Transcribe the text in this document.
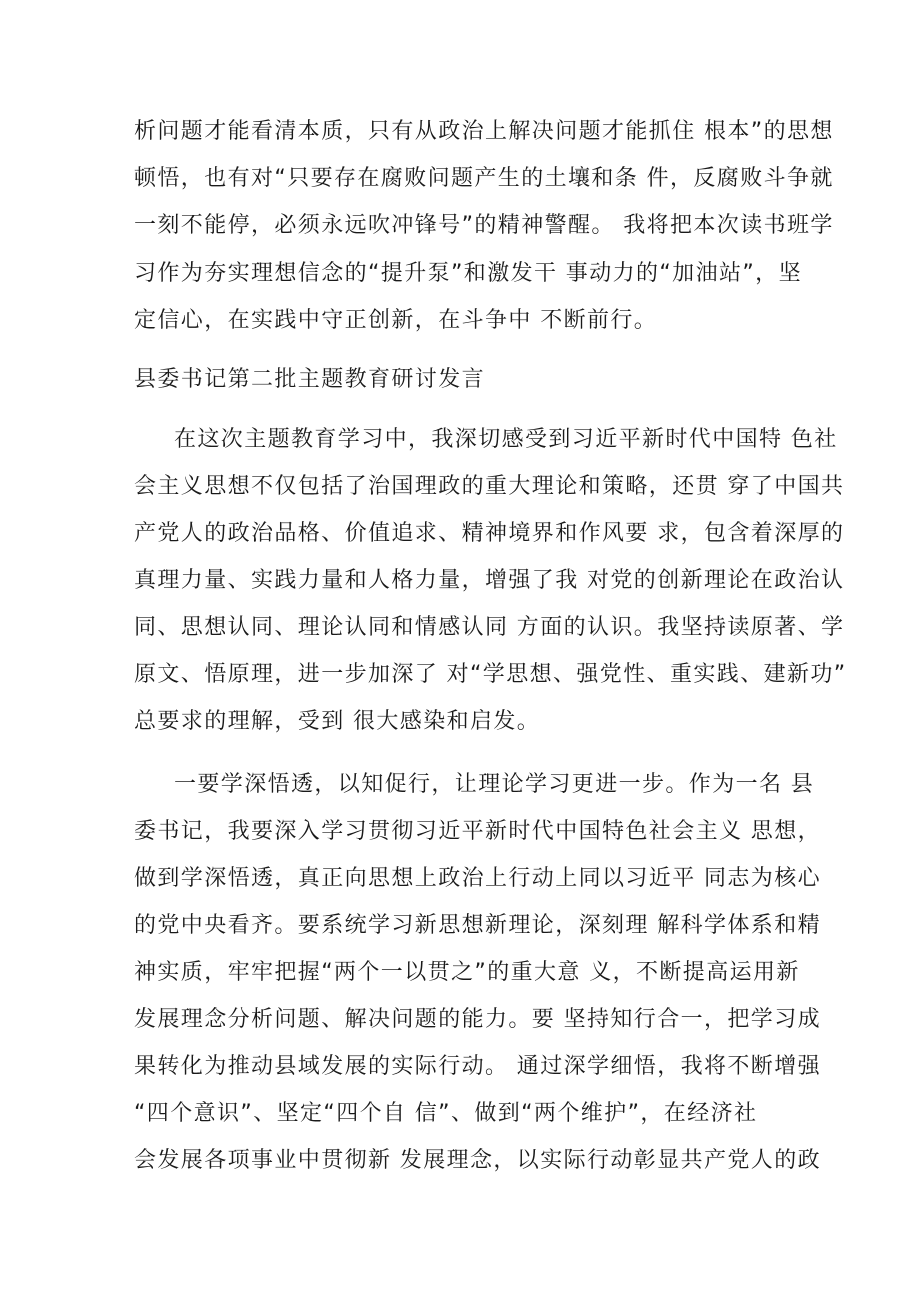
析问题才能看清本质，只有从政治上解决问题才能抓住 根本”的思想
顿悟，也有对“只要存在腐败问题产生的土壤和条 件，反腐败斗争就
一刻不能停，必须永远吹冲锋号”的精神警醒。 我将把本次读书班学
习作为夯实理想信念的“提升泵”和激发干 事动力的“加油站”，坚
定信心，在实践中守正创新，在斗争中 不断前行。
县委书记第二批主题教育研讨发言
在这次主题教育学习中，我深切感受到习近平新时代中国特 色社
会主义思想不仅包括了治国理政的重大理论和策略，还贯 穿了中国共
产党人的政治品格、价值追求、精神境界和作风要 求，包含着深厚的
真理力量、实践力量和人格力量，增强了我 对党的创新理论在政治认
同、思想认同、理论认同和情感认同 方面的认识。我坚持读原著、学
原文、悟原理，进一步加深了 对“学思想、强党性、重实践、建新功”
总要求的理解，受到 很大感染和启发。
一要学深悟透，以知促行，让理论学习更进一步。作为一名 县
委书记，我要深入学习贯彻习近平新时代中国特色社会主义 思想，
做到学深悟透，真正向思想上政治上行动上同以习近平 同志为核心
的党中央看齐。要系统学习新思想新理论，深刻理 解科学体系和精
神实质，牢牢把握“两个一以贯之”的重大意 义，不断提高运用新
发展理念分析问题、解决问题的能力。要 坚持知行合一，把学习成
果转化为推动县域发展的实际行动。 通过深学细悟，我将不断增强
“四个意识”、坚定“四个自 信”、做到“两个维护”，在经济社
会发展各项事业中贯彻新 发展理念，以实际行动彰显共产党人的政
